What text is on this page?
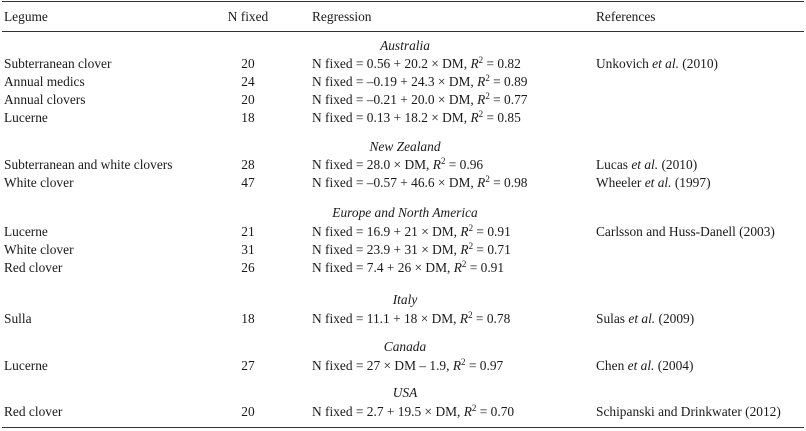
Legume	N fixed	Regression	References
Australia
Subterranean clover	20	N fixed = 0.56 + 20.2 × DM, $R^2 = 0.82$	Unkovich et al. (2010)
Annual medics	24	N fixed = –0.19 + 24.3 × DM, $R^2 = 0.89$
Annual clovers	20	N fixed = –0.21 + 20.0 × DM, $R^2 = 0.77$
Lucerne	18	N fixed = 0.13 + 18.2 × DM, $R^2 = 0.85$
New Zealand
Subterranean and white clovers	28	N fixed = 28.0 × DM, $R^2 = 0.96$	Lucas et al. (2010)
White clover	47	N fixed = –0.57 + 46.6 × DM, $R^2 = 0.98$	Wheeler et al. (1997)
Europe and North America
Lucerne	21	N fixed = 16.9 + 21 × DM, $R^2 = 0.91$	Carlsson and Huss-Danell (2003)
White clover	31	N fixed = 23.9 + 31 × DM, $R^2 = 0.71$
Red clover	26	N fixed = 7.4 + 26 × DM, $R^2 = 0.91$
Italy
Sulla	18	N fixed = 11.1 + 18 × DM, $R^2 = 0.78$	Sulas et al. (2009)
Canada
Lucerne	27	N fixed = 27 × DM – 1.9, $R^2 = 0.97$	Chen et al. (2004)
USA
Red clover	20	N fixed = 2.7 + 19.5 × DM, $R^2 = 0.70$	Schipanski and Drinkwater (2012)
